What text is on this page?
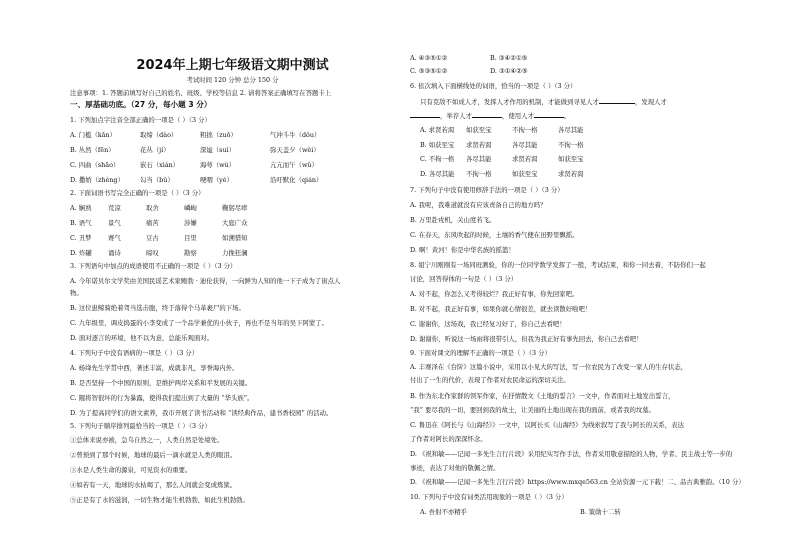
2024年上期七年级语文期中测试
考试时间 120 分钟 总分 150 分
注意事项：1. 答题前填写好自己的姓名、班级、学校等信息 2. 请将答案正确填写在答题卡上
一、厚基础功底。（27 分，每小题 3 分）
1. 下列加点字注音全部正确的一项是（ ）（3 分）
A. 门槛（kǎn）	取缔（dào）	粗拙（zuō）	气冲斗牛（dǒu）
B. 丛然（fēn）	花丛（jí）	深谧（suì）	弥天盖夕（wěi）
C. 四曲（shāo）	嵌石（xián）	海萼（wù）	亢亢而午（wǔ）
D. 撒娇（zhèng）	勾当（bǔ）	哽咽（yè）	沿吁默化（qián）
2. 下面词语书写完全正确的一项是（ ）（3 分）
A. 娴熟	荒凉	取舍	嶙峋	鞠躬尽瘁
B. 语气	景气	痛苦	涉嫌	大庭广众
C. 丑梦	赛气	豆古	目里	如溯惜知
D. 炸罐	诵诗	晾叹	勘察	力挽狂澜
3. 下列语句中加点的成语使用不正确的一项是（ ）（3 分）
A. 今年诺贝尔文学奖由美国民谣艺术家鲍勃 · 迪伦获得，一向鲜为人知的他一下子成为了街点人
物。
B. 这位患鲸骑绝着驾当选击胞，终于落得个马革裹尸的下场。
C. 九年级里，调皮捣蛋的小李变成了一个品学兼优的小伙子，再也不是当年的吴下阿蒙了。
D. 面对逐言的环境，他不以为意，总能乐观面对。
4. 下列句子中没有语病的一项是（ ）（3 分）
A. 杨绛先生学贯中西，著述丰富，成就非凡，享誉海内外。
B. 是否坚持一个中国的原则，是维护两岸关系和平发展的关键。
C. 隰将智很坏的行为暴露，使得我们提出到了大量的 “华头族”。
D. 为了提高同学们的语文素养，我市开展了读书活动和 “读经典作品，建书香校园” 的活动。
5. 下列句子顺序排列最恰当的一项是（ ）（3 分）
①总体来说亦被，急乌自然之一，人类自然是处境处。
②曾预到了那个时候，地球的最后一滴水就是人类的眼泪。
③水是人类生命的源泉，可见资水的重要。
④如若有一天，地球的水枯竭了，那么人间就会变成炼狱。
⑤正是有了水的滋润，一切生物才能生机勃勃，如此生机勃勃。
A. ④③⑤①②	B. ③④②①⑤
C. ⑤③⑤①②	D. ③①④②⑤
6. 依次填入下面横线处的词语，恰当的一项是（ ）（3 分）
只有克敌不如成人才，发挥人才作用的机制，才能做到寻见人才	，发现人才
，举荐人才	，使用人才	。
A. 求贤若渴 如获至宝	不拘一格	各尽其能
B. 如获至宝 求贤若渴	各尽其能	不拘一格
C. 不拘一格 各尽其能	求贤若渴	如获至宝
D. 各尽其能 不拘一格	如获至宝	求贤若渴
7. 下列句子中没有使用修辞手法的一项是（ ）（3 分）
A. 我呢，我难道就没有应该责备自己的地方吗？
B. 万里赴戎机，关山度若飞。
C. 在春天，东风吹起的时候，土壤的香气便在田野里飘摇。
D. 啊！黄河！你是中华名族的摇篮！
8. 姐宁川刚刚有一场同班测验，你的一位同学数学发挥了一般，考试结束，和你一同去着，不防你们一起
讨论，回答得体的一句是（ ）（3 分）
A. 对不起，你怎么又考得较烂？我正好有事，你先回家吧。
B. 对不起，我正好有事，如果你就心情很差，就去读散好啦吧！
C. 谢谢你，这场戏，我已经复习好了，你自己去看吧！
D. 谢谢你，听说这一场雨将很带引人，但我为我正好有事先回去，你自己去看吧！
9. 下面对课文的理解不正确的一项是（ ）（3 分）
A. 丰赛泽在《台阶》这篇小说中，采用以小见大的写法，写一位农民为了改变一家人的生存状态，
付出了一生的代价，表现了作者对农民命运的深切关注。
B. 作为东北作家群的领军作家，在抒情散文《土地的誓言》一文中，作者面对土地发出誓言，
“我” 要尽我的一切，要回到我的故土，让美丽的土地出现在我的面前，或者我的坟墓。
C. 鲁迅在《阿长与《山海经》》一文中，以阿长买《山海经》为线索叙写了我与阿长的关系，表达
了作者对阿长的深深怀念。
D. 《祝和敏——记闻一多先生言行片段》采用纪实写作手法，作者采用敬意描绘的人物，学者、民主战士等一步的
事迹，表达了对他的敬佩之情。
D. 《祝和敏——记闻一多先生言行片段》https://www.mxqe563.cn 全站资源一元下载！二、品古典雅韵。（10 分）
10. 下列句子中没有词类活用现象的一项是（ ）（3 分）
A. 吾射不亦精乎	B. 策勋十二转
